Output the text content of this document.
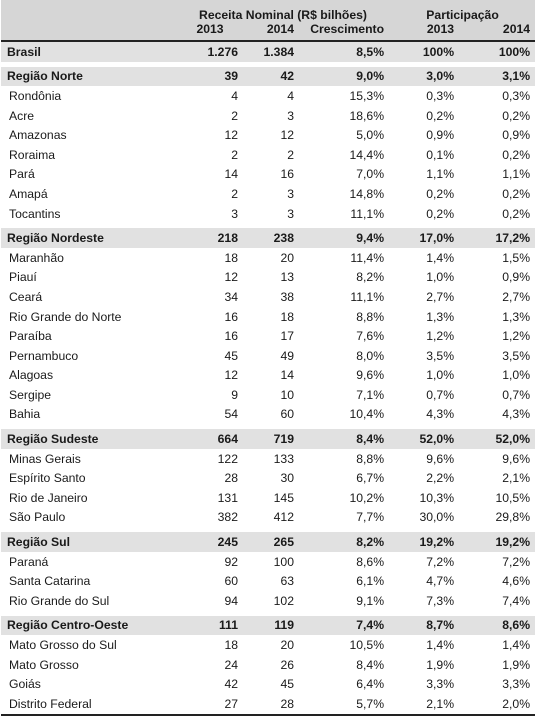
	Receita Nominal (R$ bilhões)			Participação	
	2013	2014	Crescimento	2013	2014
Brasil	1.276	1.384	8,5%	100%	100%
Região Norte	39	42	9,0%	3,0%	3,1%
Rondônia	4	4	15,3%	0,3%	0,3%
Acre	2	3	18,6%	0,2%	0,2%
Amazonas	12	12	5,0%	0,9%	0,9%
Roraima	2	2	14,4%	0,1%	0,2%
Pará	14	16	7,0%	1,1%	1,1%
Amapá	2	3	14,8%	0,2%	0,2%
Tocantins	3	3	11,1%	0,2%	0,2%
Região Nordeste	218	238	9,4%	17,0%	17,2%
Maranhão	18	20	11,4%	1,4%	1,5%
Piauí	12	13	8,2%	1,0%	0,9%
Ceará	34	38	11,1%	2,7%	2,7%
Rio Grande do Norte	16	18	8,8%	1,3%	1,3%
Paraíba	16	17	7,6%	1,2%	1,2%
Pernambuco	45	49	8,0%	3,5%	3,5%
Alagoas	12	14	9,6%	1,0%	1,0%
Sergipe	9	10	7,1%	0,7%	0,7%
Bahia	54	60	10,4%	4,3%	4,3%
Região Sudeste	664	719	8,4%	52,0%	52,0%
Minas Gerais	122	133	8,8%	9,6%	9,6%
Espírito Santo	28	30	6,7%	2,2%	2,1%
Rio de Janeiro	131	145	10,2%	10,3%	10,5%
São Paulo	382	412	7,7%	30,0%	29,8%
Região Sul	245	265	8,2%	19,2%	19,2%
Paraná	92	100	8,6%	7,2%	7,2%
Santa Catarina	60	63	6,1%	4,7%	4,6%
Rio Grande do Sul	94	102	9,1%	7,3%	7,4%
Região Centro-Oeste	111	119	7,4%	8,7%	8,6%
Mato Grosso do Sul	18	20	10,5%	1,4%	1,4%
Mato Grosso	24	26	8,4%	1,9%	1,9%
Goiás	42	45	6,4%	3,3%	3,3%
Distrito Federal	27	28	5,7%	2,1%	2,0%
